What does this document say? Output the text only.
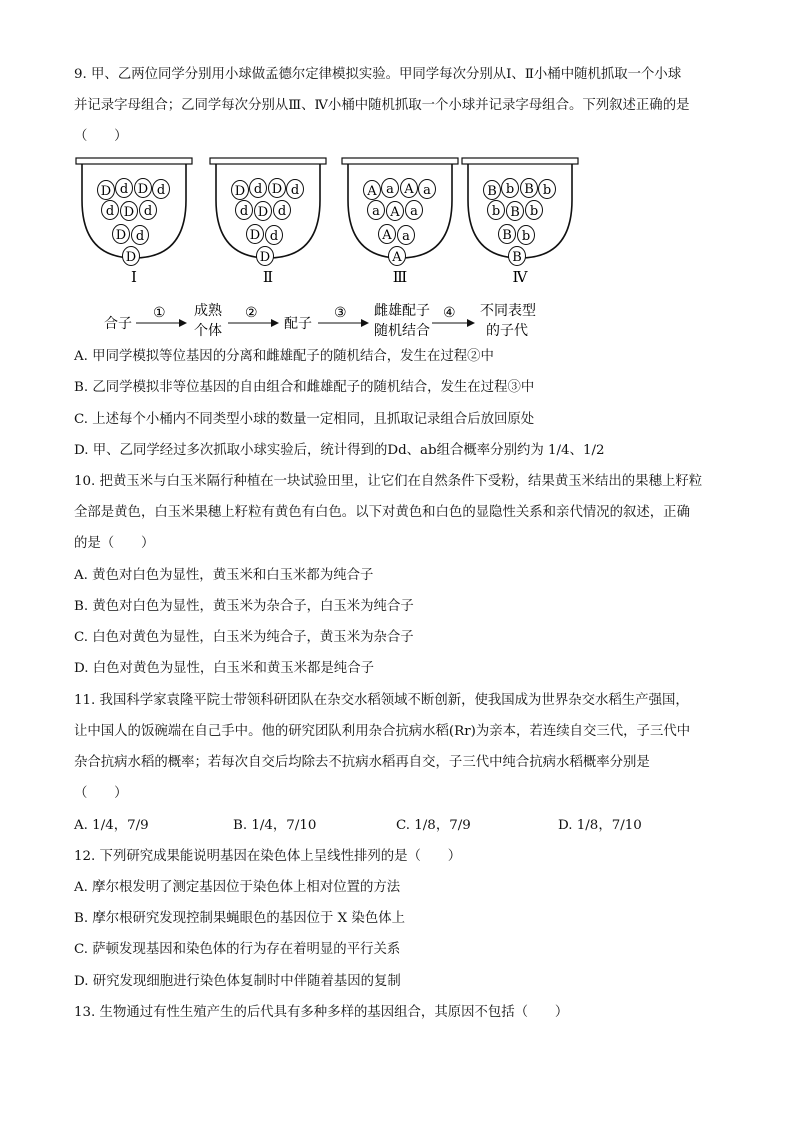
9. 甲、乙两位同学分别用小球做孟德尔定律模拟实验。甲同学每次分别从Ⅰ、Ⅱ小桶中随机抓取一个小球
并记录字母组合；乙同学每次分别从Ⅲ、Ⅳ小桶中随机抓取一个小球并记录字母组合。下列叙述正确的是
（　　）
D d D d
d D d
D d
D
Ⅰ
D d D d
d D d
D d
D
Ⅱ
A a A a
a A a
A a
A
Ⅲ
B b B b
b B b
B b
B
Ⅳ
合子
① 成熟
个体
②
配子
③ 雌雄配子
随机结合
④ 不同表型
的子代
A. 甲同学模拟等位基因的分离和雌雄配子的随机结合，发生在过程②中
B. 乙同学模拟非等位基因的自由组合和雌雄配子的随机结合，发生在过程③中
C. 上述每个小桶内不同类型小球的数量一定相同，且抓取记录组合后放回原处
D. 甲、乙同学经过多次抓取小球实验后，统计得到的Dd、ab组合概率分别约为 1/4、1/2
10. 把黄玉米与白玉米隔行种植在一块试验田里，让它们在自然条件下受粉，结果黄玉米结出的果穗上籽粒
全部是黄色，白玉米果穗上籽粒有黄色有白色。以下对黄色和白色的显隐性关系和亲代情况的叙述，正确
的是（　　）
A. 黄色对白色为显性，黄玉米和白玉米都为纯合子
B. 黄色对白色为显性，黄玉米为杂合子，白玉米为纯合子
C. 白色对黄色为显性，白玉米为纯合子，黄玉米为杂合子
D. 白色对黄色为显性，白玉米和黄玉米都是纯合子
11. 我国科学家袁隆平院士带领科研团队在杂交水稻领域不断创新，使我国成为世界杂交水稻生产强国，
让中国人的饭碗端在自己手中。他的研究团队利用杂合抗病水稻(Rr)为亲本，若连续自交三代，子三代中
杂合抗病水稻的概率；若每次自交后均除去不抗病水稻再自交，子三代中纯合抗病水稻概率分别是
（　　）
A. 1/4，7/9	B. 1/4，7/10	C. 1/8，7/9	D. 1/8，7/10
12. 下列研究成果能说明基因在染色体上呈线性排列的是（　　）
A. 摩尔根发明了测定基因位于染色体上相对位置的方法
B. 摩尔根研究发现控制果蝇眼色的基因位于 X 染色体上
C. 萨顿发现基因和染色体的行为存在着明显的平行关系
D. 研究发现细胞进行染色体复制时中伴随着基因的复制
13. 生物通过有性生殖产生的后代具有多种多样的基因组合，其原因不包括（　　）
